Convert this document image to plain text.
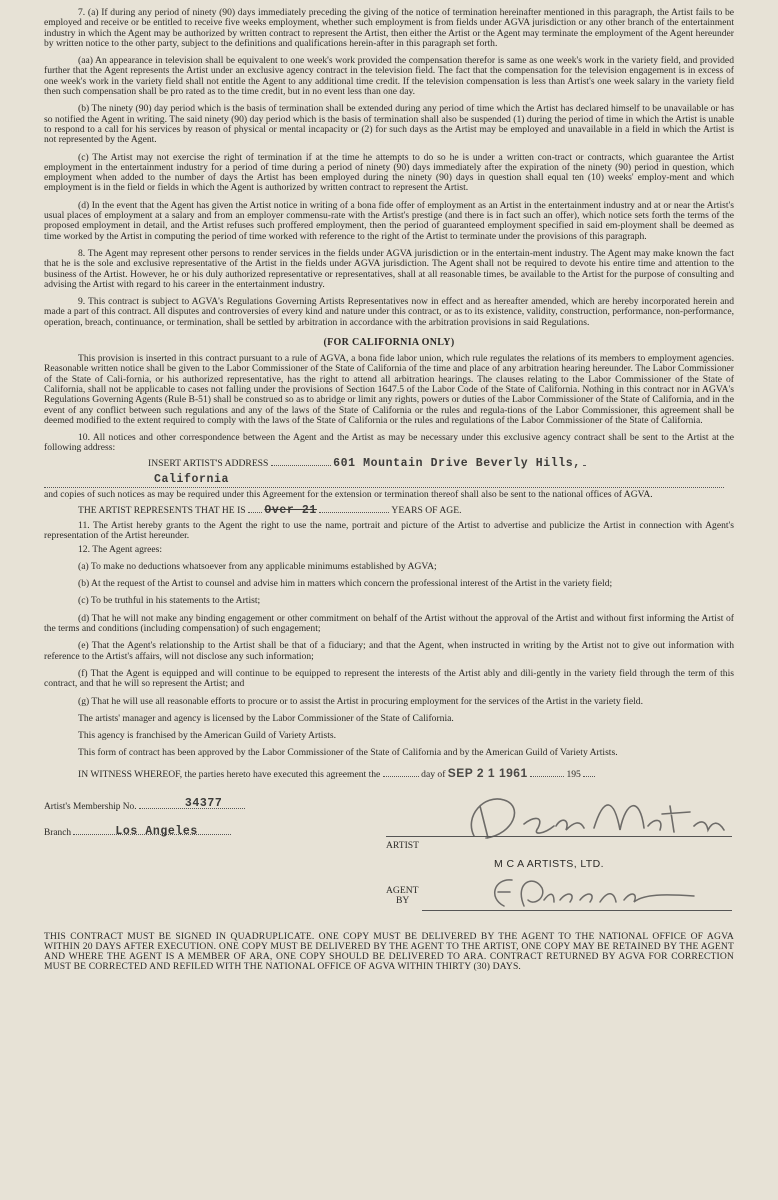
7. (a) If during any period of ninety (90) days immediately preceding the giving of the notice of termination hereinafter mentioned in this paragraph, the Artist fails to be employed and receive or be entitled to receive five weeks employment, whether such employment is from fields under AGVA jurisdiction or any other branch of the entertainment industry in which the Agent may be authorized by written contract to represent the Artist, then either the Artist or the Agent may terminate the employment of the Agent hereunder by written notice to the other party, subject to the definitions and qualifications herein-after in this paragraph set forth.

(aa) An appearance in television shall be equivalent to one week's work provided the compensation therefor is same as one week's work in the variety field, and provided further that the Agent represents the Artist under an exclusive agency contract in the television field. The fact that the compensation for the television engagement is in excess of one week's work in the variety field shall not entitle the Agent to any additional time credit. If the television compensation is less than Artist's one week salary in the variety field then such compensation shall be pro rated as to the time credit, but in no event less than one day.

(b) The ninety (90) day period which is the basis of termination shall be extended during any period of time which the Artist has declared himself to be unavailable or has so notified the Agent in writing. The said ninety (90) day period which is the basis of termination shall also be suspended (1) during the period of time in which the Artist is unable to respond to a call for his services by reason of physical or mental incapacity or (2) for such days as the Artist may be employed and unavailable in a field in which the Artist is not represented by the Agent.

(c) The Artist may not exercise the right of termination if at the time he attempts to do so he is under a written con-tract or contracts, which guarantee the Artist employment in the entertainment industry for a period of time during a period of ninety (90) days immediately after the expiration of the ninety (90) period in question, which employment when added to the number of days the Artist has been employed during the ninety (90) days in question shall equal ten (10) weeks' employ-ment and which employment is in the field or fields in which the Agent is authorized by written contract to represent the Artist.

(d) In the event that the Agent has given the Artist notice in writing of a bona fide offer of employment as an Artist in the entertainment industry and at or near the Artist's usual places of employment at a salary and from an employer commensu-rate with the Artist's prestige (and there is in fact such an offer), which notice sets forth the terms of the proposed employment in detail, and the Artist refuses such proffered employment, then the period of guaranteed employment specified in said em-ployment shall be deemed as time worked by the Artist in computing the period of time worked with reference to the right of the Artist to terminate under the provisions of this paragraph.

8. The Agent may represent other persons to render services in the fields under AGVA jurisdiction or in the entertain-ment industry. The Agent may make known the fact that he is the sole and exclusive representative of the Artist in the fields under AGVA jurisdiction. The Agent shall not be required to devote his entire time and attention to the business of the Artist. However, he or his duly authorized representative or representatives, shall at all reasonable times, be available to the Artist for the purpose of consulting and advising the Artist with regard to his career in the entertainment industry.

9. This contract is subject to AGVA's Regulations Governing Artists Representatives now in effect and as hereafter amended, which are hereby incorporated herein and made a part of this contract. All disputes and controversies of every kind and nature under this contract, or as to its existence, validity, construction, performance, non-performance, operation, breach, continuance, or termination, shall be settled by arbitration in accordance with the arbitration provisions in said Regulations.

(FOR CALIFORNIA ONLY)

This provision is inserted in this contract pursuant to a rule of AGVA, a bona fide labor union, which rule regulates the relations of its members to employment agencies. Reasonable written notice shall be given to the Labor Commissioner of the State of California of the time and place of any arbitration hearing hereunder. The Labor Commissioner of the State of Cali-fornia, or his authorized representative, has the right to attend all arbitration hearings. The clauses relating to the Labor Commissioner of the State of California, shall not be applicable to cases not falling under the provisions of Section 1647.5 of the Labor Code of the State of California. Nothing in this contract nor in AGVA's Regulations Governing Agents (Rule B-51) shall be construed so as to abridge or limit any rights, powers or duties of the Labor Commissioner of the State of California, and in the event of any conflict between such regulations and any of the laws of the State of California or the rules and regula-tions of the Labor Commissioner, this agreement shall be deemed modified to the extent required to comply with the laws of the State of California or the rules and regulations of the Labor Commissioner of the State of California.

10. All notices and other correspondence between the Agent and the Artist as may be necessary under this exclusive agency contract shall be sent to the Artist at the following address:

INSERT ARTIST'S ADDRESS	601 Mountain Drive Beverly Hills,
California

and copies of such notices as may be required under this Agreement for the extension or termination thereof shall also be sent to the national offices of AGVA.

THE ARTIST REPRESENTS THAT HE IS Over 21	YEARS OF AGE.

11. The Artist hereby grants to the Agent the right to use the name, portrait and picture of the Artist to advertise and publicize the Artist in connection with Agent's representation of the Artist hereunder.

12. The Agent agrees:

(a) To make no deductions whatsoever from any applicable minimums established by AGVA;

(b) At the request of the Artist to counsel and advise him in matters which concern the professional interest of the Artist in the variety field;

(c) To be truthful in his statements to the Artist;

(d) That he will not make any binding engagement or other commitment on behalf of the Artist without the approval of the Artist and without first informing the Artist of the terms and conditions (including compensation) of such engagement;

(e) That the Agent's relationship to the Artist shall be that of a fiduciary; and that the Agent, when instructed in writing by the Artist not to give out information with reference to the Artist's affairs, will not disclose any such information;

(f) That the Agent is equipped and will continue to be equipped to represent the interests of the Artist ably and dili-gently in the variety field through the term of this contract, and that he will so represent the Artist; and

(g) That he will use all reasonable efforts to procure or to assist the Artist in procuring employment for the services of the Artist in the variety field.

The artists' manager and agency is licensed by the Labor Commissioner of the State of California.

This agency is franchised by the American Guild of Variety Artists.

This form of contract has been approved by the Labor Commissioner of the State of California and by the American Guild of Variety Artists.

IN WITNESS WHEREOF, the parties hereto have executed this agreement the	day of SEP 2 1 1961	195
Artist's Membership No.	34377
Branch	Los Angeles
ARTIST
M C A ARTISTS, LTD.
AGENT
BY
THIS CONTRACT MUST BE SIGNED IN QUADRUPLICATE. ONE COPY MUST BE DELIVERED BY THE AGENT TO THE NATIONAL OFFICE OF AGVA WITHIN 20 DAYS AFTER EXECUTION. ONE COPY MUST BE DELIVERED BY THE AGENT TO THE ARTIST, ONE COPY MAY BE RETAINED BY THE AGENT AND WHERE THE AGENT IS A MEMBER OF ARA, ONE COPY SHOULD BE DELIVERED TO ARA. CONTRACT RETURNED BY AGVA FOR CORRECTION MUST BE CORRECTED AND REFILED WITH THE NATIONAL OFFICE OF AGVA WITHIN THIRTY (30) DAYS.
